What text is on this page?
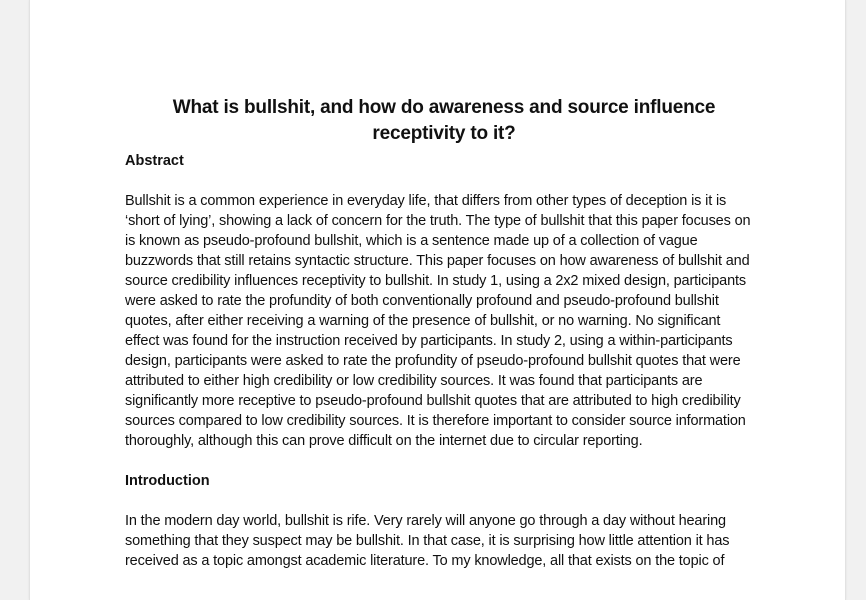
What is bullshit, and how do awareness and source influence receptivity to it?
Abstract

Bullshit is a common experience in everyday life, that differs from other types of deception is it is ‘short of lying’, showing a lack of concern for the truth. The type of bullshit that this paper focuses on is known as pseudo-profound bullshit, which is a sentence made up of a collection of vague buzzwords that still retains syntactic structure. This paper focuses on how awareness of bullshit and source credibility influences receptivity to bullshit. In study 1, using a 2x2 mixed design, participants were asked to rate the profundity of both conventionally profound and pseudo-profound bullshit quotes, after either receiving a warning of the presence of bullshit, or no warning. No significant effect was found for the instruction received by participants. In study 2, using a within-participants design, participants were asked to rate the profundity of pseudo-profound bullshit quotes that were attributed to either high credibility or low credibility sources. It was found that participants are significantly more receptive to pseudo-profound bullshit quotes that are attributed to high credibility sources compared to low credibility sources. It is therefore important to consider source information thoroughly, although this can prove difficult on the internet due to circular reporting.

Introduction

In the modern day world, bullshit is rife. Very rarely will anyone go through a day without hearing something that they suspect may be bullshit. In that case, it is surprising how little attention it has received as a topic amongst academic literature. To my knowledge, all that exists on the topic of
